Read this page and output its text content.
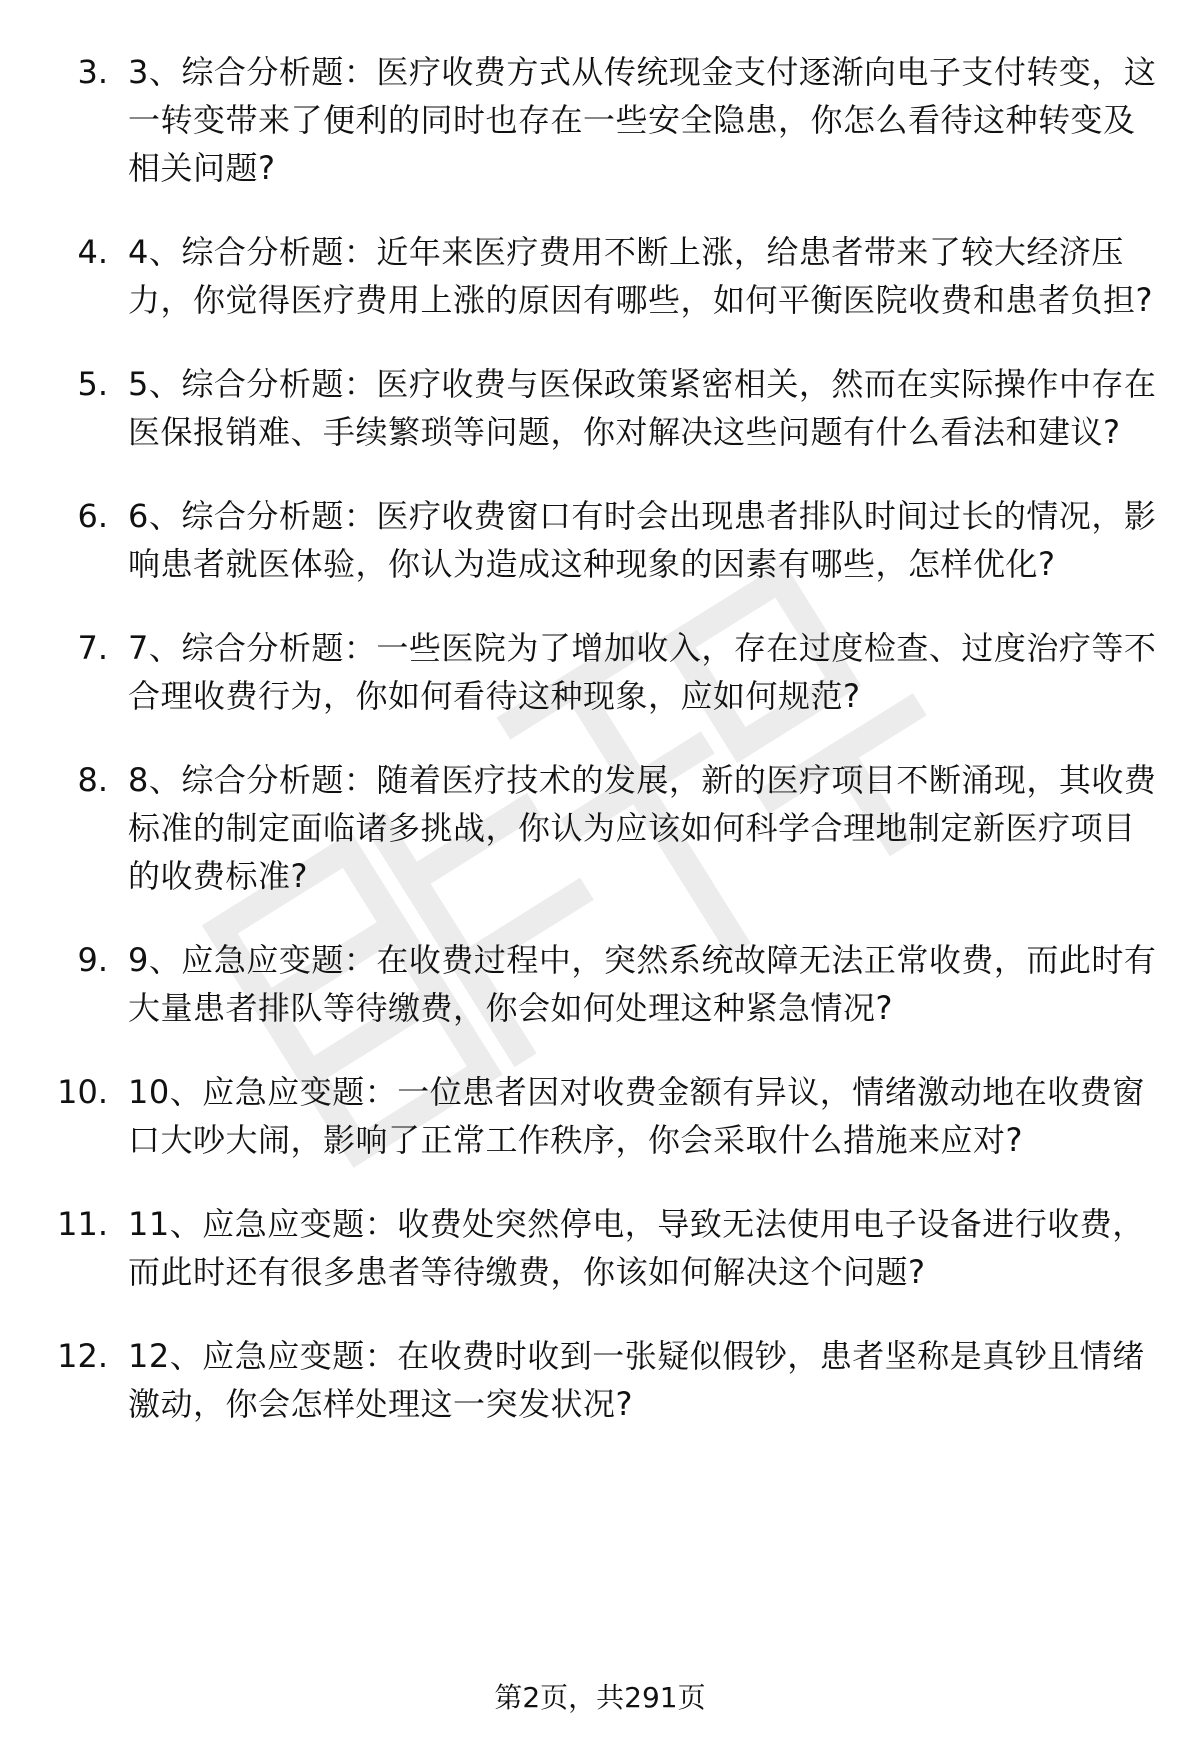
3. 3、综合分析题：医疗收费方式从传统现金支付逐渐向电子支付转变，这一转变带来了便利的同时也存在一些安全隐患，你怎么看待这种转变及相关问题?
4. 4、综合分析题：近年来医疗费用不断上涨，给患者带来了较大经济压力，你觉得医疗费用上涨的原因有哪些，如何平衡医院收费和患者负担?
5. 5、综合分析题：医疗收费与医保政策紧密相关，然而在实际操作中存在医保报销难、手续繁琐等问题，你对解决这些问题有什么看法和建议?
6. 6、综合分析题：医疗收费窗口有时会出现患者排队时间过长的情况，影响患者就医体验，你认为造成这种现象的因素有哪些，怎样优化?
7. 7、综合分析题：一些医院为了增加收入，存在过度检查、过度治疗等不合理收费行为，你如何看待这种现象，应如何规范?
8. 8、综合分析题：随着医疗技术的发展，新的医疗项目不断涌现，其收费标准的制定面临诸多挑战，你认为应该如何科学合理地制定新医疗项目的收费标准?
9. 9、应急应变题：在收费过程中，突然系统故障无法正常收费，而此时有大量患者排队等待缴费，你会如何处理这种紧急情况?
10. 10、应急应变题：一位患者因对收费金额有异议，情绪激动地在收费窗口大吵大闹，影响了正常工作秩序，你会采取什么措施来应对?
11. 11、应急应变题：收费处突然停电，导致无法使用电子设备进行收费，而此时还有很多患者等待缴费，你该如何解决这个问题?
12. 12、应急应变题：在收费时收到一张疑似假钞，患者坚称是真钞且情绪激动，你会怎样处理这一突发状况?
第2页，共291页
